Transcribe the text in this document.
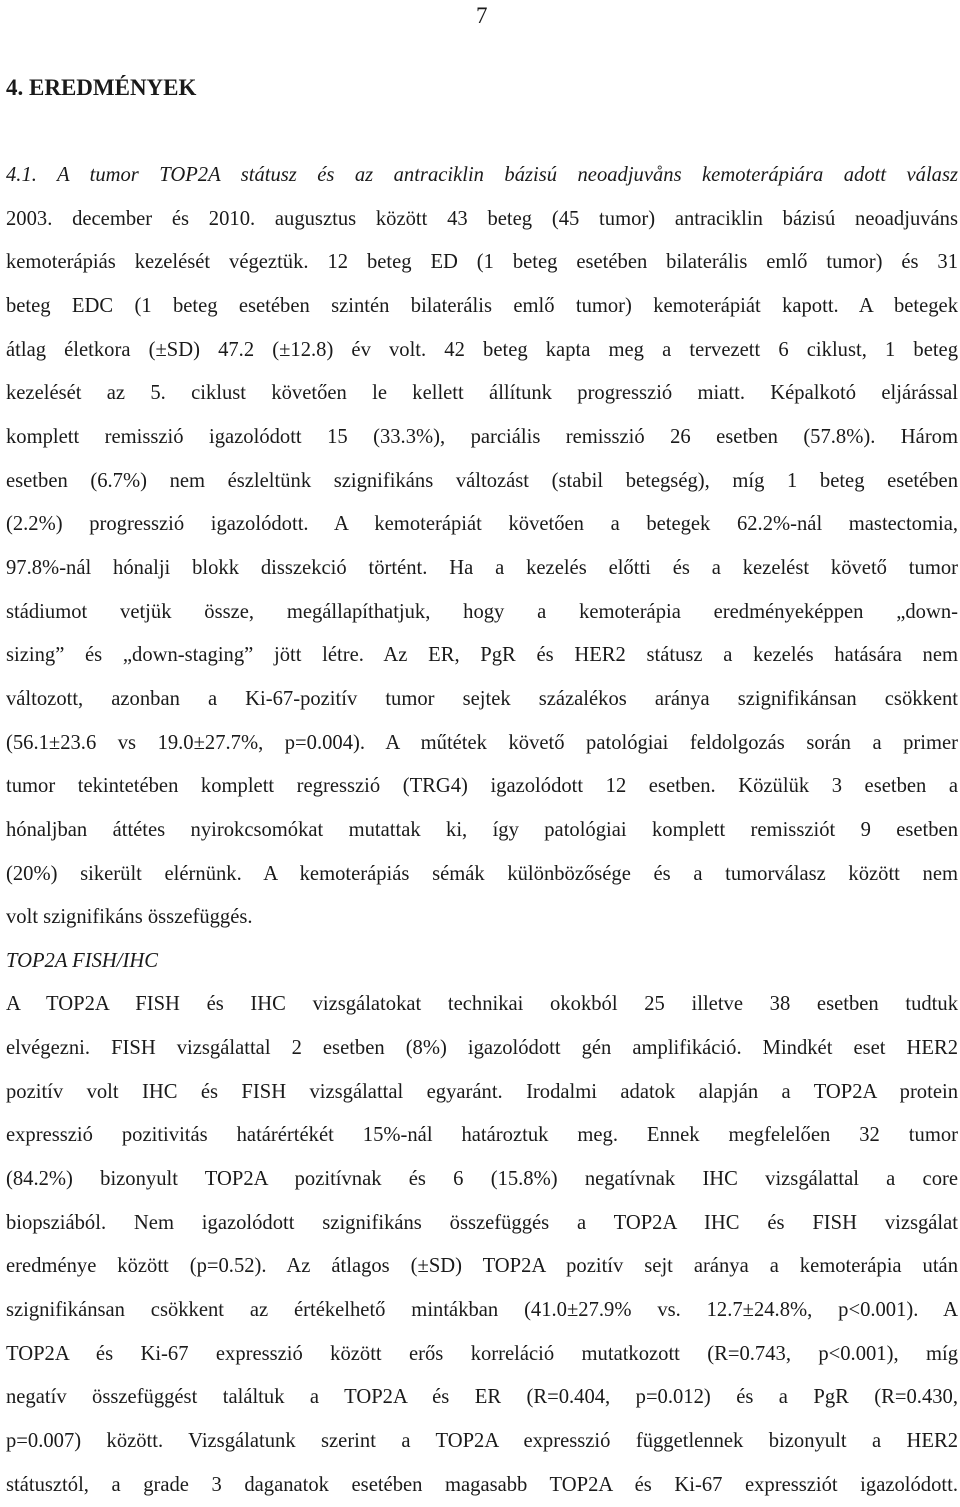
7
4. EREDMÉNYEK
4.1. A tumor TOP2A státusz és az antraciklin bázisú neoadjuvåns kemoterápiára adott válasz
2003. december és 2010. augusztus között 43 beteg (45 tumor) antraciklin bázisú neoadjuváns
kemoterápiás kezelését végeztük. 12 beteg ED (1 beteg esetében bilaterális emlő tumor) és 31
beteg EDC (1 beteg esetében szintén bilaterális emlő tumor) kemoterápiát kapott. A betegek
átlag életkora (±SD) 47.2 (±12.8) év volt. 42 beteg kapta meg a tervezett 6 ciklust, 1 beteg
kezelését az 5. ciklust követően le kellett állítunk progresszió miatt. Képalkotó eljárással
komplett remisszió igazolódott 15 (33.3%), parciális remisszió 26 esetben (57.8%). Három
esetben (6.7%) nem észleltünk szignifikáns változást (stabil betegség), míg 1 beteg esetében
(2.2%) progresszió igazolódott. A kemoterápiát követően a betegek 62.2%-nál mastectomia,
97.8%-nál hónalji blokk disszekció történt. Ha a kezelés előtti és a kezelést követő tumor
stádiumot vetjük össze, megállapíthatjuk, hogy a kemoterápia eredményeképpen „down-
sizing” és „down-staging” jött létre. Az ER, PgR és HER2 státusz a kezelés hatására nem
változott, azonban a Ki-67-pozitív tumor sejtek százalékos aránya szignifikánsan csökkent
(56.1±23.6 vs 19.0±27.7%, p=0.004). A műtétek követő patológiai feldolgozás során a primer
tumor tekintetében komplett regresszió (TRG4) igazolódott 12 esetben. Közülük 3 esetben a
hónaljban áttétes nyirokcsomókat mutattak ki, így patológiai komplett remissziót 9 esetben
(20%) sikerült elérnünk. A kemoterápiás sémák különbözősége és a tumorválasz között nem
volt szignifikáns összefüggés.
TOP2A FISH/IHC
A TOP2A FISH és IHC vizsgálatokat technikai okokból 25 illetve 38 esetben tudtuk
elvégezni. FISH vizsgálattal 2 esetben (8%) igazolódott gén amplifikáció. Mindkét eset HER2
pozitív volt IHC és FISH vizsgálattal egyaránt. Irodalmi adatok alapján a TOP2A protein
expresszió pozitivitás határértékét 15%-nál határoztuk meg. Ennek megfelelően 32 tumor
(84.2%) bizonyult TOP2A pozitívnak és 6 (15.8%) negatívnak IHC vizsgálattal a core
biopsziából. Nem igazolódott szignifikáns összefüggés a TOP2A IHC és FISH vizsgálat
eredménye között (p=0.52). Az átlagos (±SD) TOP2A pozitív sejt aránya a kemoterápia után
szignifikánsan csökkent az értékelhető mintákban (41.0±27.9% vs. 12.7±24.8%, p<0.001). A
TOP2A és Ki-67 expresszió között erős korreláció mutatkozott (R=0.743, p<0.001), míg
negatív összefüggést találtuk a TOP2A és ER (R=0.404, p=0.012) és a PgR (R=0.430,
p=0.007) között. Vizsgálatunk szerint a TOP2A expresszió függetlennek bizonyult a HER2
státusztól, a grade 3 daganatok esetében magasabb TOP2A és Ki-67 expressziót igazolódott.
